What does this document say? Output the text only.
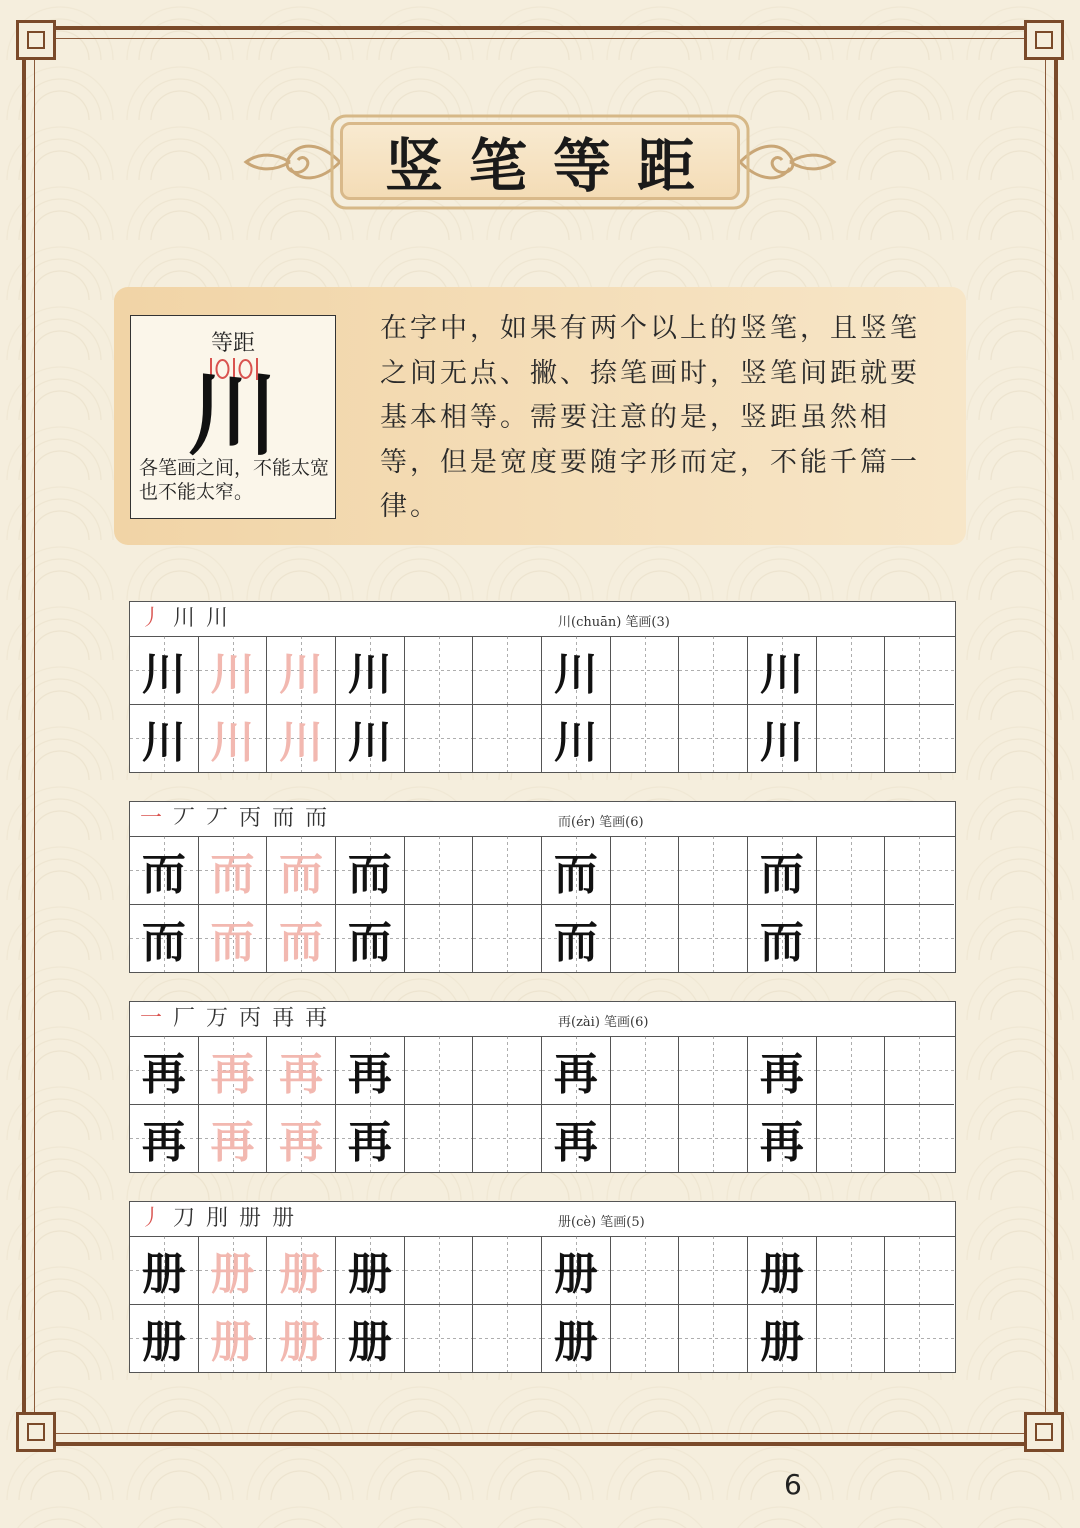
竖笔等距
等距
川
各笔画之间，不能太宽也不能太窄。
在字中，如果有两个以上的竖笔，且竖笔之间无点、撇、捺笔画时，竖笔间距就要基本相等。需要注意的是，竖距虽然相等，但是宽度要随字形而定，不能千篇一律。
丿 川 川	川(chuān) 笔画(3)
川 川 川 川	川	川
川 川 川 川	川	川
一 丆 丆 丙 而 而	而(ér) 笔画(6)
而 而 而 而	而	而
而 而 而 而	而	而
一 厂 万 丙 再 再	再(zài) 笔画(6)
再 再 再 再	再	再
再 再 再 再	再	再
丿 刀 刖 册 册	册(cè) 笔画(5)
册 册 册 册	册	册
册 册 册 册	册	册
6
